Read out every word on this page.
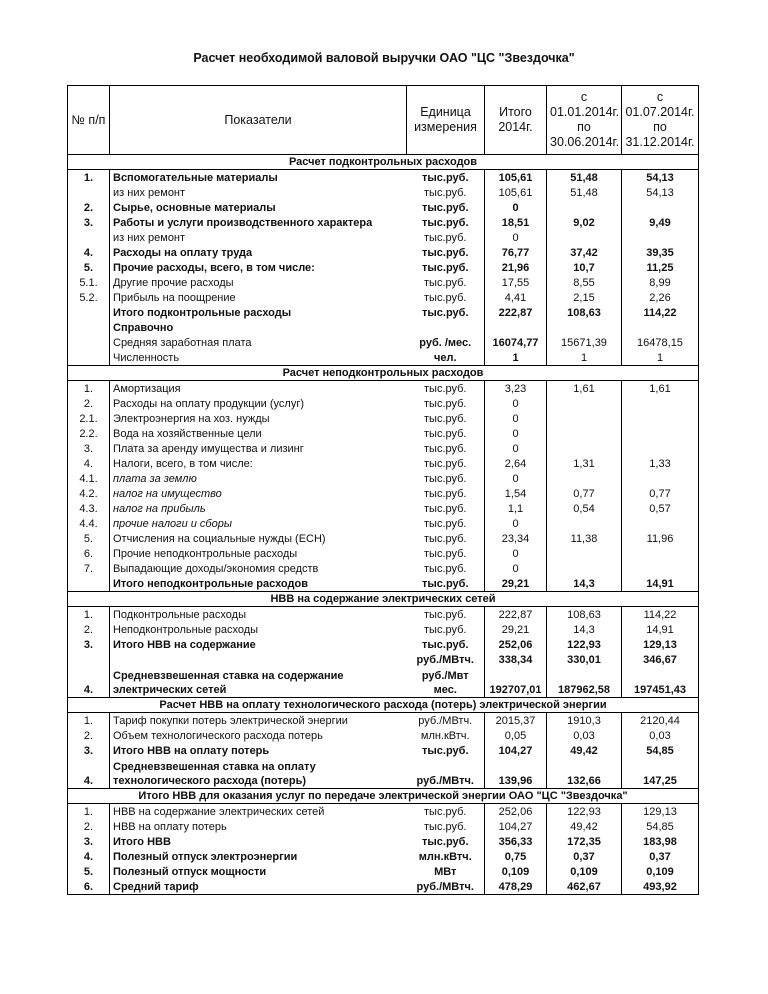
Расчет необходимой валовой выручки ОАО "ЦС "Звездочка"
№ п/п	Показатели	Единица измерения	Итого 2014г.	с 01.01.2014г. по 30.06.2014г.	с 01.07.2014г. по 31.12.2014г.
Расчет подконтрольных расходов					
1.	Вспомогательные материалы	тыс.руб.	105,61	51,48	54,13
	из них ремонт	тыс.руб.	105,61	51,48	54,13
2.	Сырье, основные материалы	тыс.руб.	0		
3.	Работы и услуги производственного характера	тыс.руб.	18,51	9,02	9,49
	из них ремонт	тыс.руб.	0		
4.	Расходы на оплату труда	тыс.руб.	76,77	37,42	39,35
5.	Прочие расходы, всего, в том числе:	тыс.руб.	21,96	10,7	11,25
5.1.	Другие прочие расходы	тыс.руб.	17,55	8,55	8,99
5.2.	Прибыль на поощрение	тыс.руб.	4,41	2,15	2,26
	Итого подконтрольные расходы	тыс.руб.	222,87	108,63	114,22
	Справочно				
	Средняя заработная плата	руб. /мес.	16074,77	15671,39	16478,15
	Численность	чел.	1	1	1
Расчет неподконтрольных расходов					
1.	Амортизация	тыс.руб.	3,23	1,61	1,61
2.	Расходы на оплату продукции (услуг)	тыс.руб.	0		
2.1.	Электроэнергия на хоз. нужды	тыс.руб.	0		
2.2.	Вода на хозяйственные цели	тыс.руб.	0		
3.	Плата за аренду имущества и лизинг	тыс.руб.	0		
4.	Налоги, всего, в том числе:	тыс.руб.	2,64	1,31	1,33
4.1.	плата за землю	тыс.руб.	0		
4.2.	налог на имущество	тыс.руб.	1,54	0,77	0,77
4.3.	налог на прибыль	тыс.руб.	1,1	0,54	0,57
4.4.	прочие налоги и сборы	тыс.руб.	0		
5.	Отчисления на социальные нужды (ЕСН)	тыс.руб.	23,34	11,38	11,96
6.	Прочие неподконтрольные расходы	тыс.руб.	0		
7.	Выпадающие доходы/экономия средств	тыс.руб.	0		
	Итого неподконтрольные расходов	тыс.руб.	29,21	14,3	14,91
НВВ на содержание электрических сетей					
1.	Подконтрольные расходы	тыс.руб.	222,87	108,63	114,22
2.	Неподконтрольные расходы	тыс.руб.	29,21	14,3	14,91
3.	Итого НВВ на содержание	тыс.руб.	252,06	122,93	129,13
		руб./МВтч.	338,34	330,01	346,67
4.	Средневзвешенная ставка на содержание электрических сетей	руб./Мвт мес.	192707,01	187962,58	197451,43
Расчет НВВ на оплату технологического расхода (потерь) электрической энергии					
1.	Тариф покупки потерь электрической энергии	руб./МВтч.	2015,37	1910,3	2120,44
2.	Объем технологического расхода потерь	млн.кВтч.	0,05	0,03	0,03
3.	Итого НВВ на оплату потерь	тыс.руб.	104,27	49,42	54,85
4.	Средневзвешенная ставка на оплату технологического расхода (потерь)	руб./МВтч.	139,96	132,66	147,25
Итого НВВ для оказания услуг по передаче электрической энергии ОАО "ЦС "Звездочка"					
1.	НВВ на содержание электрических сетей	тыс.руб.	252,06	122,93	129,13
2.	НВВ на оплату потерь	тыс.руб.	104,27	49,42	54,85
3.	Итого НВВ	тыс.руб.	356,33	172,35	183,98
4.	Полезный отпуск электроэнергии	млн.кВтч.	0,75	0,37	0,37
5.	Полезный отпуск мощности	МВт	0,109	0,109	0,109
6.	Средний тариф	руб./МВтч.	478,29	462,67	493,92
